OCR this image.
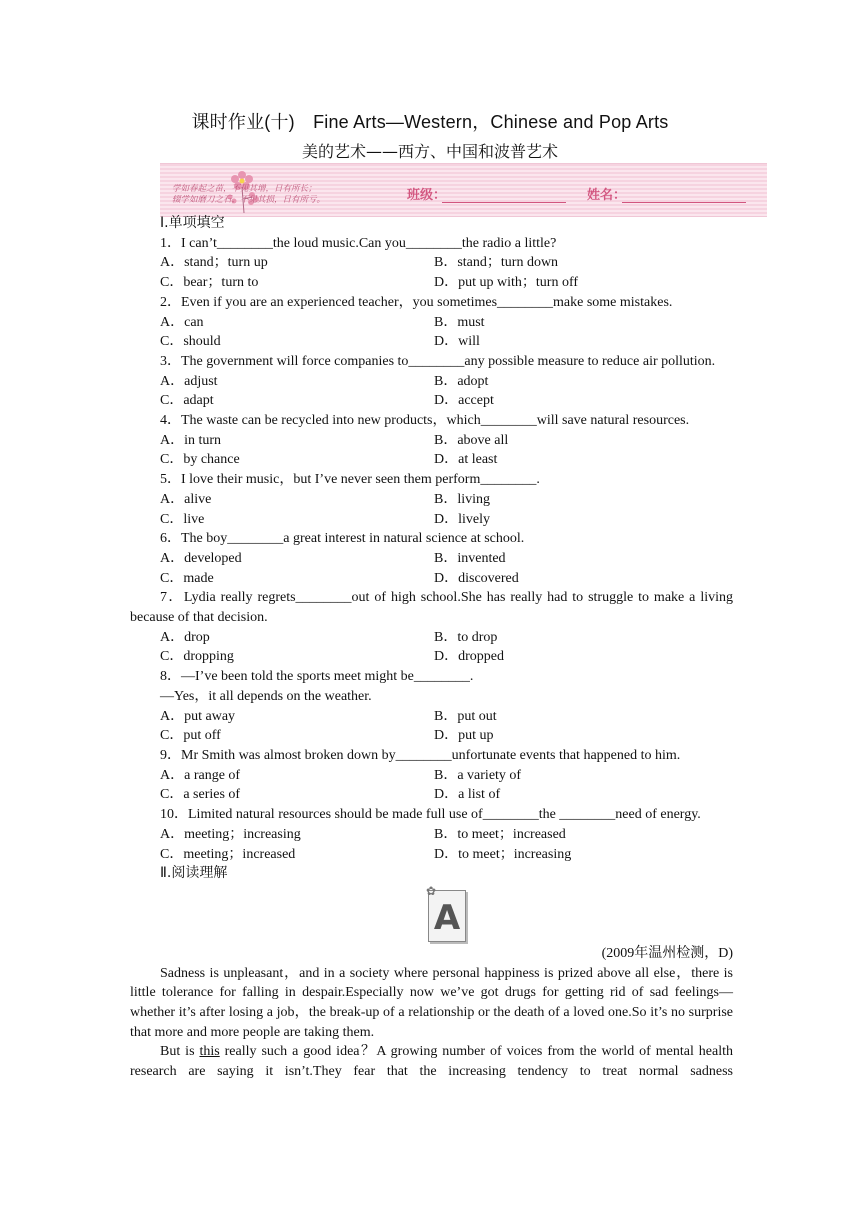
课时作业(十)　Fine Arts—Western，Chinese and Pop Arts
美的艺术——西方、中国和波普艺术
学如春起之苗，不见其增，日有所长；
辍学如磨刀之石，不见其损，日有所亏。	班级：	姓名：
Ⅰ.单项填空
1．I can’t________the loud music.Can you________the radio a little?
A．stand；turn up	B．stand；turn down
C．bear；turn to	D．put up with；turn off
2．Even if you are an experienced teacher，you sometimes________make some mistakes.
A．can	B．must
C．should	D．will
3．The government will force companies to________any possible measure to reduce air pollution.
A．adjust	B．adopt
C．adapt	D．accept
4．The waste can be recycled into new products，which________will save natural resources.
A．in turn	B．above all
C．by chance	D．at least
5．I love their music，but I’ve never seen them perform________.
A．alive	B．living
C．live	D．lively
6．The boy________a great interest in natural science at school.
A．developed	B．invented
C．made	D．discovered
7．Lydia really regrets________out of high school.She has really had to struggle to make a living because of that decision.
A．drop	B．to drop
C．dropping	D．dropped
8．—I’ve been told the sports meet might be________.
—Yes，it all depends on the weather.
A．put away	B．put out
C．put off	D．put up
9．Mr Smith was almost broken down by________unfortunate events that happened to him.
A．a range of	B．a variety of
C．a series of	D．a list of
10．Limited natural resources should be made full use of________the ________need of energy.
A．meeting；increasing	B．to meet；increased
C．meeting；increased	D．to meet；increasing
Ⅱ.阅读理解
✿
A
(2009年温州检测，D)
Sadness is unpleasant，and in a society where personal happiness is prized above all else，there is little tolerance for falling in despair.Especially now we’ve got drugs for getting rid of sad feelings—whether it’s after losing a job，the break-up of a relationship or the death of a loved one.So it’s no surprise that more and more people are taking them.
But is this really such a good idea？A growing number of voices from the world of mental health research are saying it isn’t.They fear that the increasing tendency to treat normal sadness
